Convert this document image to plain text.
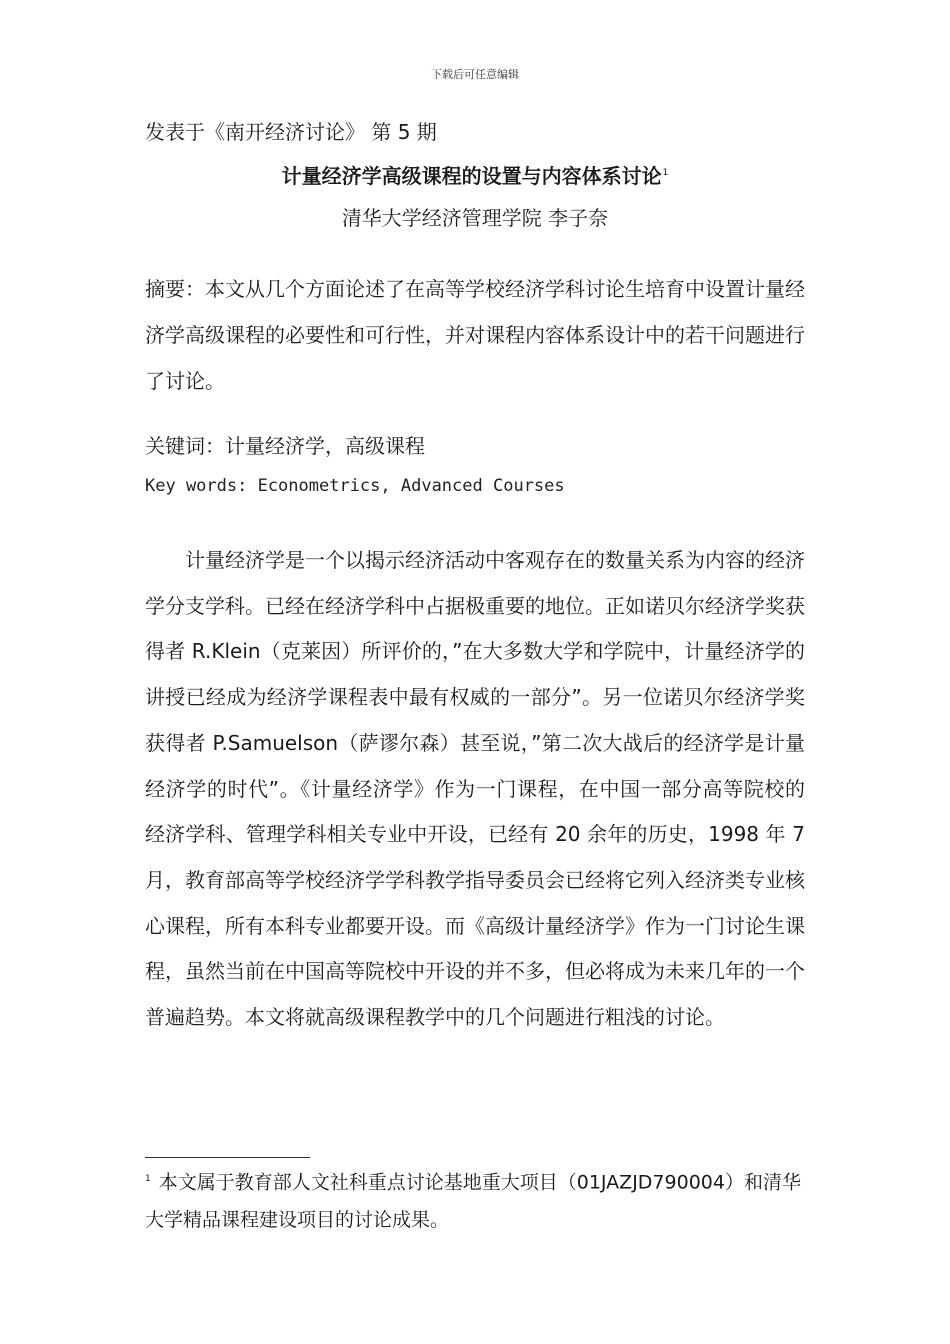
下载后可任意编辑
发表于《南开经济讨论》 第 5 期
计量经济学高级课程的设置与内容体系讨论$^1$
清华大学经济管理学院 李子奈

摘要：本文从几个方面论述了在高等学校经济学科讨论生培育中设置计量经济学高级课程的必要性和可行性，并对课程内容体系设计中的若干问题进行了讨论。

关键词：计量经济学，高级课程

Key words: Econometrics, Advanced Courses

计量经济学是一个以揭示经济活动中客观存在的数量关系为内容的经济学分支学科。已经在经济学科中占据极重要的地位。正如诺贝尔经济学奖获得者 R.Klein（克莱因）所评价的，”在大多数大学和学院中，计量经济学的讲授已经成为经济学课程表中最有权威的一部分”。另一位诺贝尔经济学奖获得者 P.Samuelson（萨谬尔森）甚至说，”第二次大战后的经济学是计量经济学的时代”。《计量经济学》作为一门课程，在中国一部分高等院校的经济学科、管理学科相关专业中开设，已经有 20 余年的历史，1998 年 7 月，教育部高等学校经济学学科教学指导委员会已经将它列入经济类专业核心课程，所有本科专业都要开设。而《高级计量经济学》作为一门讨论生课程，虽然当前在中国高等院校中开设的并不多，但必将成为未来几年的一个普遍趋势。本文将就高级课程教学中的几个问题进行粗浅的讨论。

$^1$ 本文属于教育部人文社科重点讨论基地重大项目（01JAZJD790004）和清华大学精品课程建设项目的讨论成果。
